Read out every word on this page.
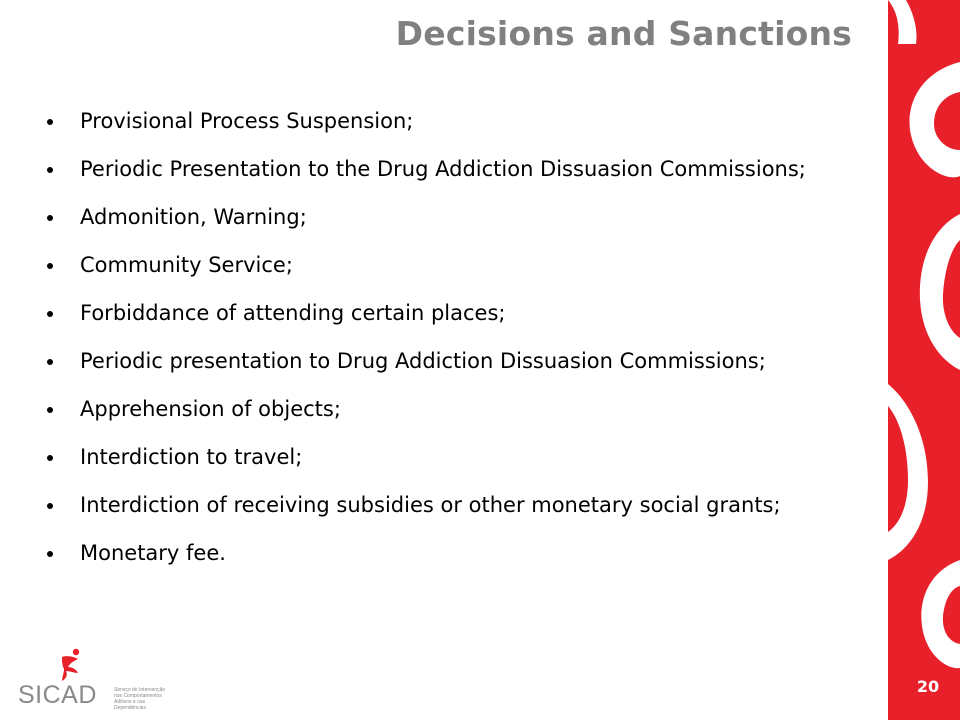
Decisions and Sanctions
Provisional Process Suspension;
Periodic Presentation to the Drug Addiction Dissuasion Commissions;
Admonition, Warning;
Community Service;
Forbiddance of attending certain places;
Periodic presentation to Drug Addiction Dissuasion Commissions;
Apprehension of objects;
Interdiction to travel;
Interdiction of receiving subsidies or other monetary social grants;
Monetary fee.
20
SICAD	Serviço de Intervenção nos Comportamentos Aditivos e nas Dependências
